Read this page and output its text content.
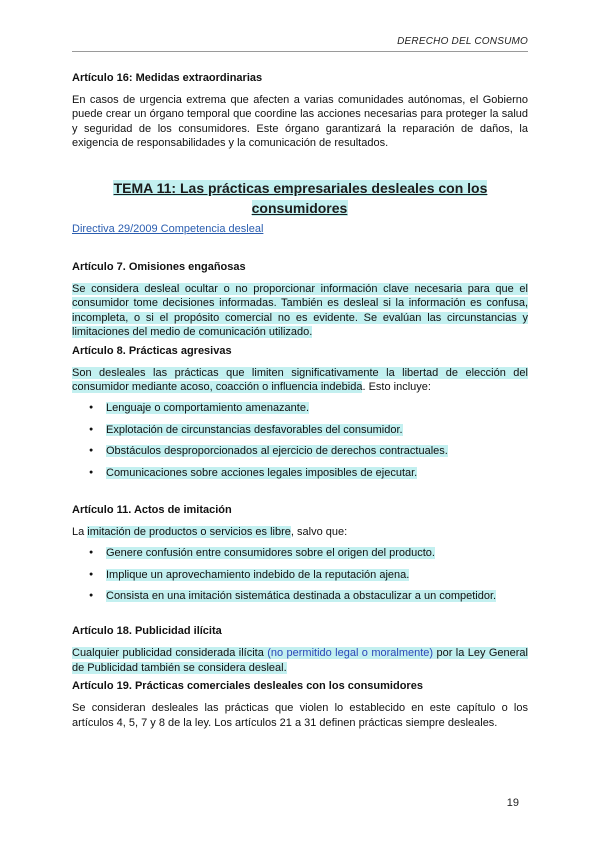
DERECHO DEL CONSUMO
Artículo 16: Medidas extraordinarias

En casos de urgencia extrema que afecten a varias comunidades autónomas, el Gobierno puede crear un órgano temporal que coordine las acciones necesarias para proteger la salud y seguridad de los consumidores. Este órgano garantizará la reparación de daños, la exigencia de responsabilidades y la comunicación de resultados.

TEMA 11: Las prácticas empresariales desleales con los consumidores
Directiva 29/2009 Competencia desleal
Artículo 7. Omisiones engañosas

Se considera desleal ocultar o no proporcionar información clave necesaria para que el consumidor tome decisiones informadas. También es desleal si la información es confusa, incompleta, o si el propósito comercial no es evidente. Se evalúan las circunstancias y limitaciones del medio de comunicación utilizado.

Artículo 8. Prácticas agresivas

Son desleales las prácticas que limiten significativamente la libertad de elección del consumidor mediante acoso, coacción o influencia indebida. Esto incluye:

● Lenguaje o comportamiento amenazante.
● Explotación de circunstancias desfavorables del consumidor.
● Obstáculos desproporcionados al ejercicio de derechos contractuales.
● Comunicaciones sobre acciones legales imposibles de ejecutar.
Artículo 11. Actos de imitación

La imitación de productos o servicios es libre, salvo que:

● Genere confusión entre consumidores sobre el origen del producto.
● Implique un aprovechamiento indebido de la reputación ajena.
● Consista en una imitación sistemática destinada a obstaculizar a un competidor.
Artículo 18. Publicidad ilícita

Cualquier publicidad considerada ilícita (no permitido legal o moralmente) por la Ley General de Publicidad también se considera desleal.

Artículo 19. Prácticas comerciales desleales con los consumidores

Se consideran desleales las prácticas que violen lo establecido en este capítulo o los artículos 4, 5, 7 y 8 de la ley. Los artículos 21 a 31 definen prácticas siempre desleales.

19
